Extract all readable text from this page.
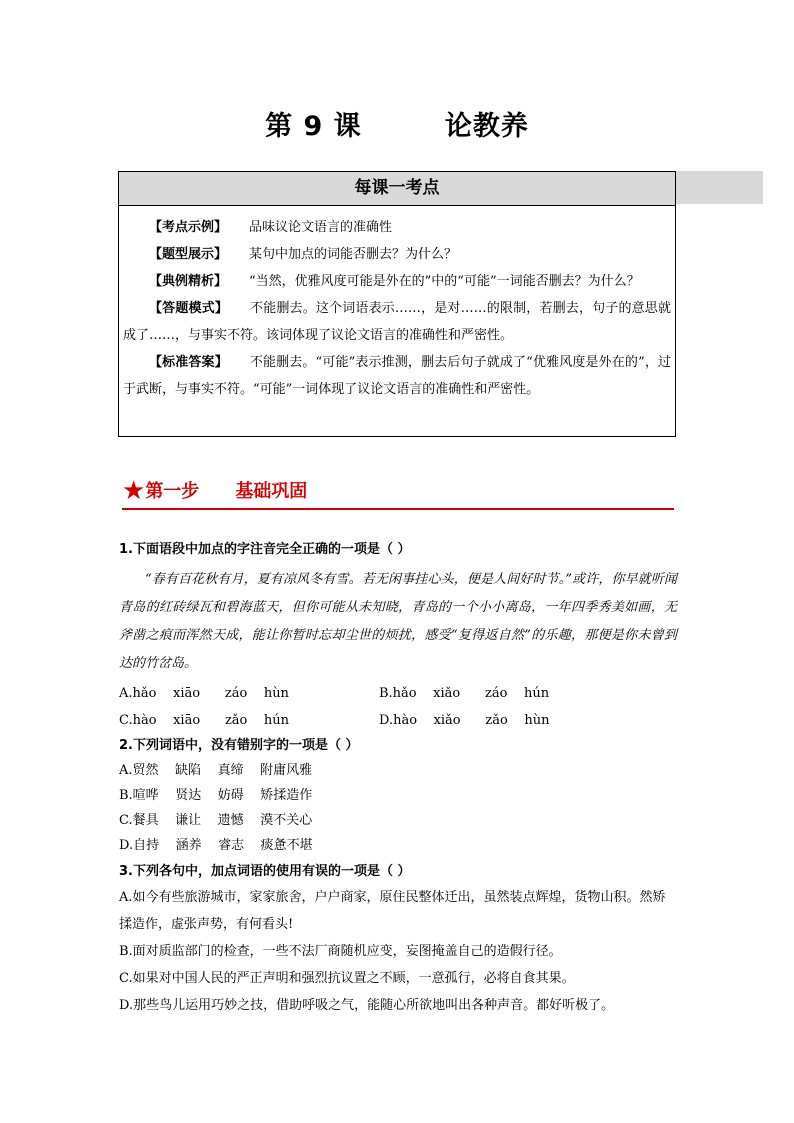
第 9 课        论教养
每课一考点
【考点示例】 品味议论文语言的准确性
【题型展示】 某句中加点的词能否删去？为什么？
【典例精析】 “当然，优雅风度可能是外在的”中的“可能”一词能否删去？为什么？
【答题模式】 不能删去。这个词语表示……，是对……的限制，若删去，句子的意思就成了……，与事实不符。该词体现了议论文语言的准确性和严密性。
【标准答案】 不能删去。“可能”表示推测，删去后句子就成了“优雅风度是外在的”，过于武断，与事实不符。“可能”一词体现了议论文语言的准确性和严密性。
★第一步 基础巩固
1.下面语段中加点的字注音完全正确的一项是（ ）
“春有百花秋有月，夏有凉风冬有雪。若无闲事挂心头，便是人间好时节。”或许，你早就听闻青岛的红砖绿瓦和碧海蓝天，但你可能从未知晓，青岛的一个小小离岛，一年四季秀美如画，无斧凿之痕而浑然天成，能让你暂时忘却尘世的烦扰，感受“复得返自然”的乐趣，那便是你未曾到达的竹岔岛。
A.hǎo    xiāo      záo    hùn	B.hǎo    xiǎo      záo    hún
C.hào    xiāo      zǎo    hún	D.hào    xiǎo      zǎo    hùn
2.下列词语中，没有错别字的一项是（ ）
A.贸然    缺陷    真缔    附庸风雅
B.喧哗    贤达    妨碍    矫揉造作
C.餐具    谦让    遗憾    漠不关心
D.自持    涵养    睿志    痰惫不堪
3.下列各句中，加点词语的使用有误的一项是（ ）
A.如今有些旅游城市，家家旅舍，户户商家，原住民整体迁出，虽然装点辉煌，货物山积。然矫揉造作，虚张声势，有何看头!
B.面对质监部门的检查，一些不法厂商随机应变，妄图掩盖自己的造假行径。
C.如果对中国人民的严正声明和强烈抗议置之不顾，一意孤行，必将自食其果。
D.那些鸟儿运用巧妙之技，借助呼吸之气，能随心所欲地叫出各种声音。都好听极了。
